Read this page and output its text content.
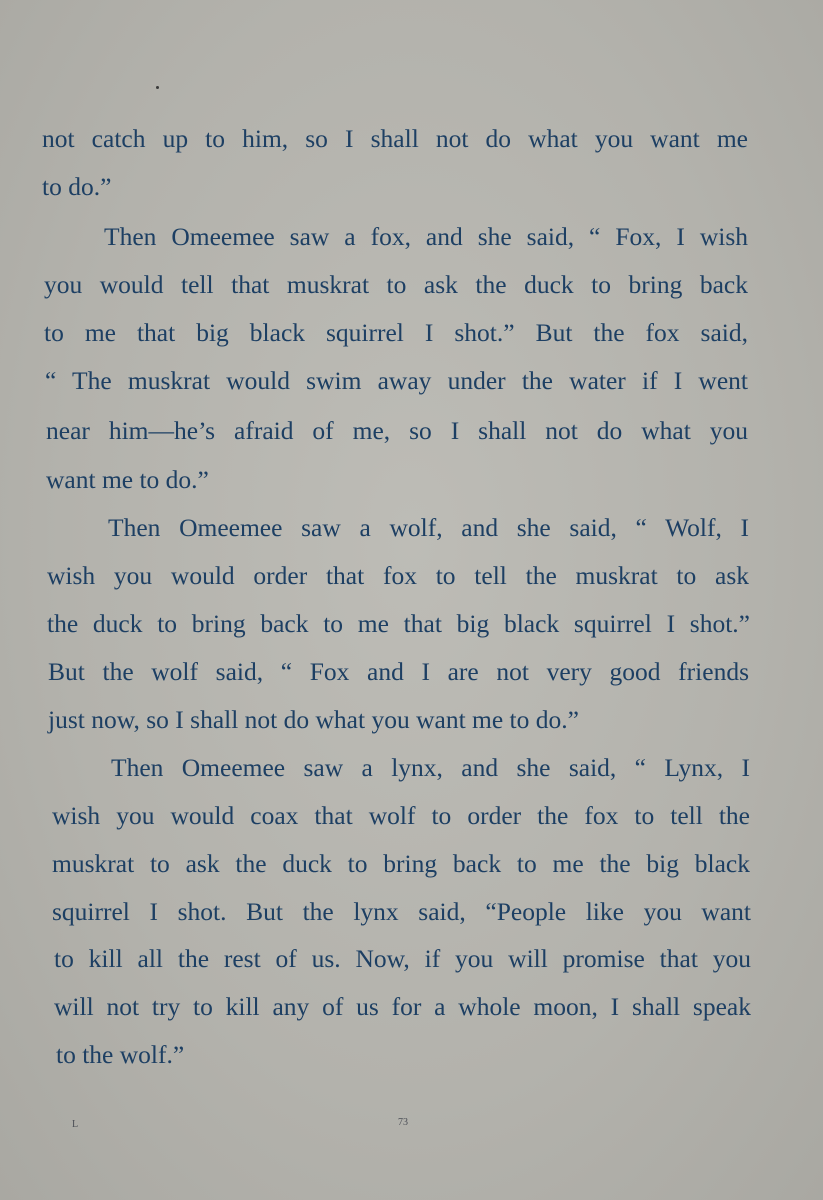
not catch up to him, so I shall not do what you want me
to do.”
Then Omeemee saw a fox, and she said, “ Fox, I wish
you would tell that muskrat to ask the duck to bring back
to me that big black squirrel I shot.” But the fox said,
“ The muskrat would swim away under the water if I went
near him—he’s afraid of me, so I shall not do what you
want me to do.”
Then Omeemee saw a wolf, and she said, “ Wolf, I
wish you would order that fox to tell the muskrat to ask
the duck to bring back to me that big black squirrel I shot.”
But the wolf said, “ Fox and I are not very good friends
just now, so I shall not do what you want me to do.”
Then Omeemee saw a lynx, and she said, “ Lynx, I
wish you would coax that wolf to order the fox to tell the
muskrat to ask the duck to bring back to me the big black
squirrel I shot. But the lynx said, “People like you want
to kill all the rest of us. Now, if you will promise that you
will not try to kill any of us for a whole moon, I shall speak
to the wolf.”
L	73
